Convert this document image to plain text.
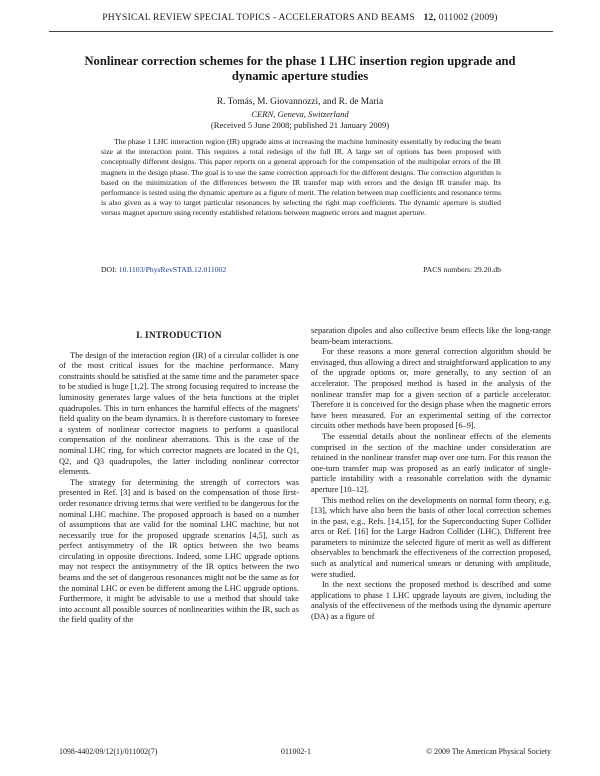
PHYSICAL REVIEW SPECIAL TOPICS - ACCELERATORS AND BEAMS 12, 011002 (2009)
Nonlinear correction schemes for the phase 1 LHC insertion region upgrade and dynamic aperture studies
R. Tomás, M. Giovannozzi, and R. de Maria
CERN, Geneva, Switzerland
(Received 5 June 2008; published 21 January 2009)

The phase 1 LHC interaction region (IR) upgrade aims at increasing the machine luminosity essentially by reducing the beam size at the interaction point. This requires a total redesign of the full IR. A large set of options has been proposed with conceptually different designs. This paper reports on a general approach for the compensation of the multipolar errors of the IR magnets in the design phase. The goal is to use the same correction approach for the different designs. The correction algorithm is based on the minimization of the differences between the IR transfer map with errors and the design IR transfer map. Its performance is tested using the dynamic aperture as a figure of merit. The relation between map coefficients and resonance terms is also given as a way to target particular resonances by selecting the right map coefficients. The dynamic aperture is studied versus magnet aperture using recently established relations between magnetic errors and magnet aperture.

DOI: 10.1103/PhysRevSTAB.12.011002	PACS numbers: 29.20.db
I. INTRODUCTION

The design of the interaction region (IR) of a circular collider is one of the most critical issues for the machine performance. Many constraints should be satisfied at the same time and the parameter space to be studied is huge [1,2]. The strong focusing required to increase the luminosity generates large values of the beta functions at the triplet quadrupoles. This in turn enhances the harmful effects of the magnets' field quality on the beam dynamics. It is therefore customary to foresee a system of nonlinear corrector magnets to perform a quasilocal compensation of the nonlinear aberrations. This is the case of the nominal LHC ring, for which corrector magnets are located in the Q1, Q2, and Q3 quadrupoles, the latter including nonlinear corrector elements.

The strategy for determining the strength of correctors was presented in Ref. [3] and is based on the compensation of those first-order resonance driving terms that were verified to be dangerous for the nominal LHC machine. The proposed approach is based on a number of assumptions that are valid for the nominal LHC machine, but not necessarily true for the proposed upgrade scenarios [4,5], such as perfect antisymmetry of the IR optics between the two beams circulating in opposite directions. Indeed, some LHC upgrade options may not respect the antisymmetry of the IR optics between the two beams and the set of dangerous resonances might not be the same as for the nominal LHC or even be different among the LHC upgrade options. Furthermore, it might be advisable to use a method that should take into account all possible sources of nonlinearities within the IR, such as the field quality of the

separation dipoles and also collective beam effects like the long-range beam-beam interactions.

For these reasons a more general correction algorithm should be envisaged, thus allowing a direct and straightforward application to any of the upgrade options or, more generally, to any section of an accelerator. The proposed method is based in the analysis of the nonlinear transfer map for a given section of a particle accelerator. Therefore it is conceived for the design phase when the magnetic errors have been measured. For an experimental setting of the corrector circuits other methods have been proposed [6–9].

The essential details about the nonlinear effects of the elements comprised in the section of the machine under consideration are retained in the nonlinear transfer map over one turn. For this reason the one-turn transfer map was proposed as an early indicator of single-particle instability with a reasonable correlation with the dynamic aperture [10–12].

This method relies on the developments on normal form theory, e.g. [13], which have also been the basis of other local correction schemes in the past, e.g., Refs. [14,15], for the Superconducting Super Collider arcs or Ref. [16] for the Large Hadron Collider (LHC). Different free parameters to minimize the selected figure of merit as well as different observables to benchmark the effectiveness of the correction proposed, such as analytical and numerical smears or detuning with amplitude, were studied.

In the next sections the proposed method is described and some applications to phase 1 LHC upgrade layouts are given, including the analysis of the effectiveness of the methods using the dynamic aperture (DA) as a figure of

1098-4402/09/12(1)/011002(7)	011002-1	© 2009 The American Physical Society
